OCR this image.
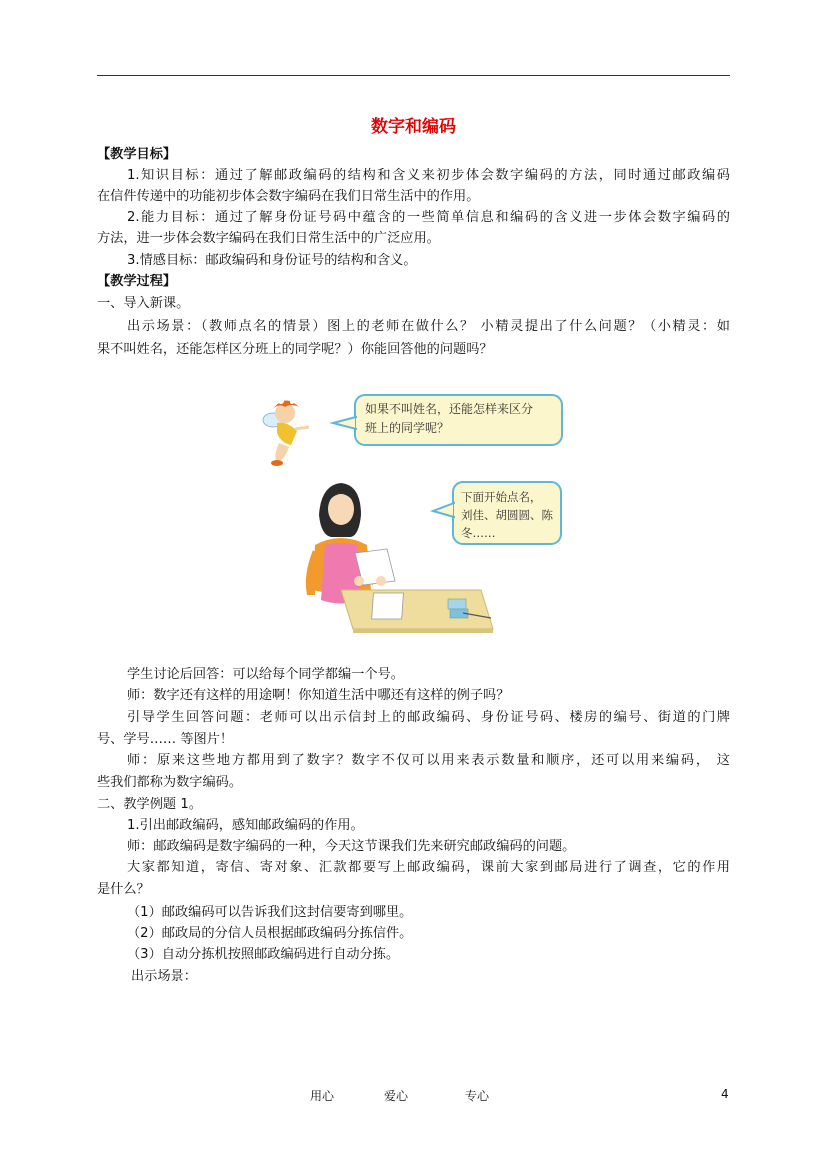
数字和编码
【教学目标】
1.知识目标：通过了解邮政编码的结构和含义来初步体会数字编码的方法，同时通过邮政编码
在信件传递中的功能初步体会数字编码在我们日常生活中的作用。
2.能力目标：通过了解身份证号码中蕴含的一些简单信息和编码的含义进一步体会数字编码的
方法，进一步体会数字编码在我们日常生活中的广泛应用。
3.情感目标：邮政编码和身份证号的结构和含义。
【教学过程】
一、导入新课。
出示场景：（教师点名的情景）图上的老师在做什么？ 小精灵提出了什么问题？（小精灵：如
果不叫姓名，还能怎样区分班上的同学呢？）你能回答他的问题吗？
如果不叫姓名，还能怎样来区分
班上的同学呢？
下面开始点名，
刘佳、胡圆圆、陈
冬……
学生讨论后回答：可以给每个同学都编一个号。
师：数字还有这样的用途啊！你知道生活中哪还有这样的例子吗？
引导学生回答问题：老师可以出示信封上的邮政编码、身份证号码、楼房的编号、街道的门牌
号、学号…… 等图片！
师：原来这些地方都用到了数字？数字不仅可以用来表示数量和顺序，还可以用来编码， 这
些我们都称为数字编码。
二、教学例题 1。
1.引出邮政编码，感知邮政编码的作用。
师：邮政编码是数字编码的一种，今天这节课我们先来研究邮政编码的问题。
大家都知道，寄信、寄对象、汇款都要写上邮政编码，课前大家到邮局进行了调查，它的作用
是什么？
（1）邮政编码可以告诉我们这封信要寄到哪里。
（2）邮政局的分信人员根据邮政编码分拣信件。
（3）自动分拣机按照邮政编码进行自动分拣。
出示场景：
用心	爱心	专心	4
